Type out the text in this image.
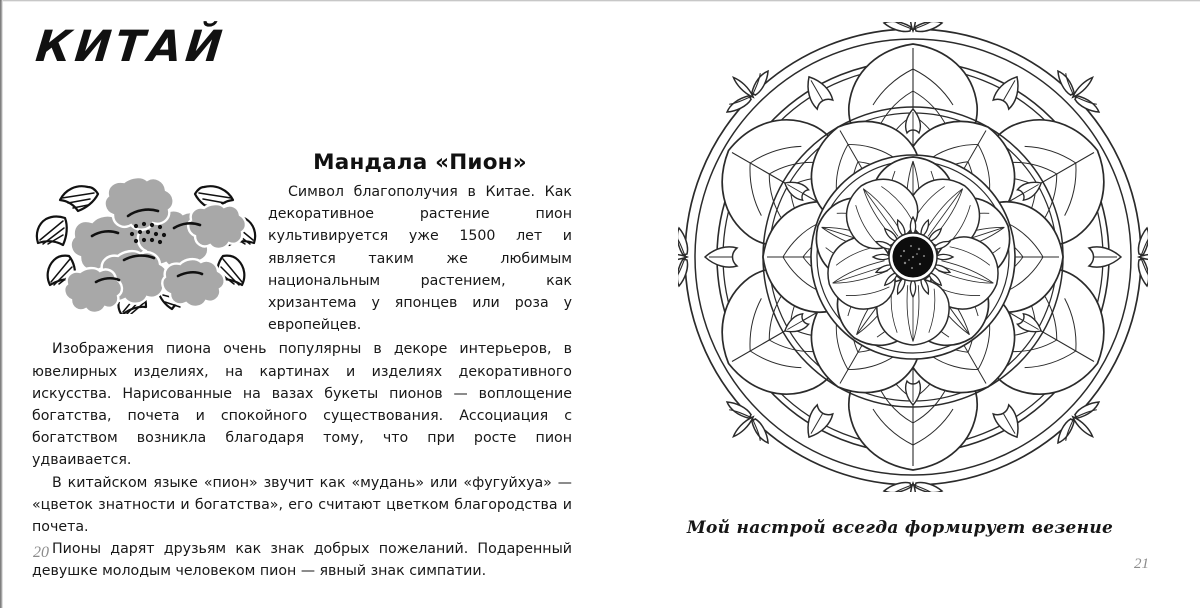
КИТАЙ
Мандала «Пион»

Символ благополучия в Китае. Как декоративное растение пион культивируется уже 1500 лет и является таким же любимым национальным растением, как хризантема у японцев или роза у европейцев.

Изображения пиона очень популярны в декоре интерьеров, в ювелирных изделиях, на картинах и изделиях декоративного искусства. Нарисованные на вазах букеты пионов — воплощение богатства, почета и спокойного существования. Ассоциация с богатством возникла благодаря тому, что при росте пион удваивается.

В китайском языке «пион» звучит как «мудань» или «фугуйхуа» — «цветок знатности и богатства», его считают цветком благородства и почета.

Пионы дарят друзьям как знак добрых пожеланий. Подаренный девушке молодым человеком пион — явный знак симпатии.

20
Мой настрой всегда формирует везение
21
